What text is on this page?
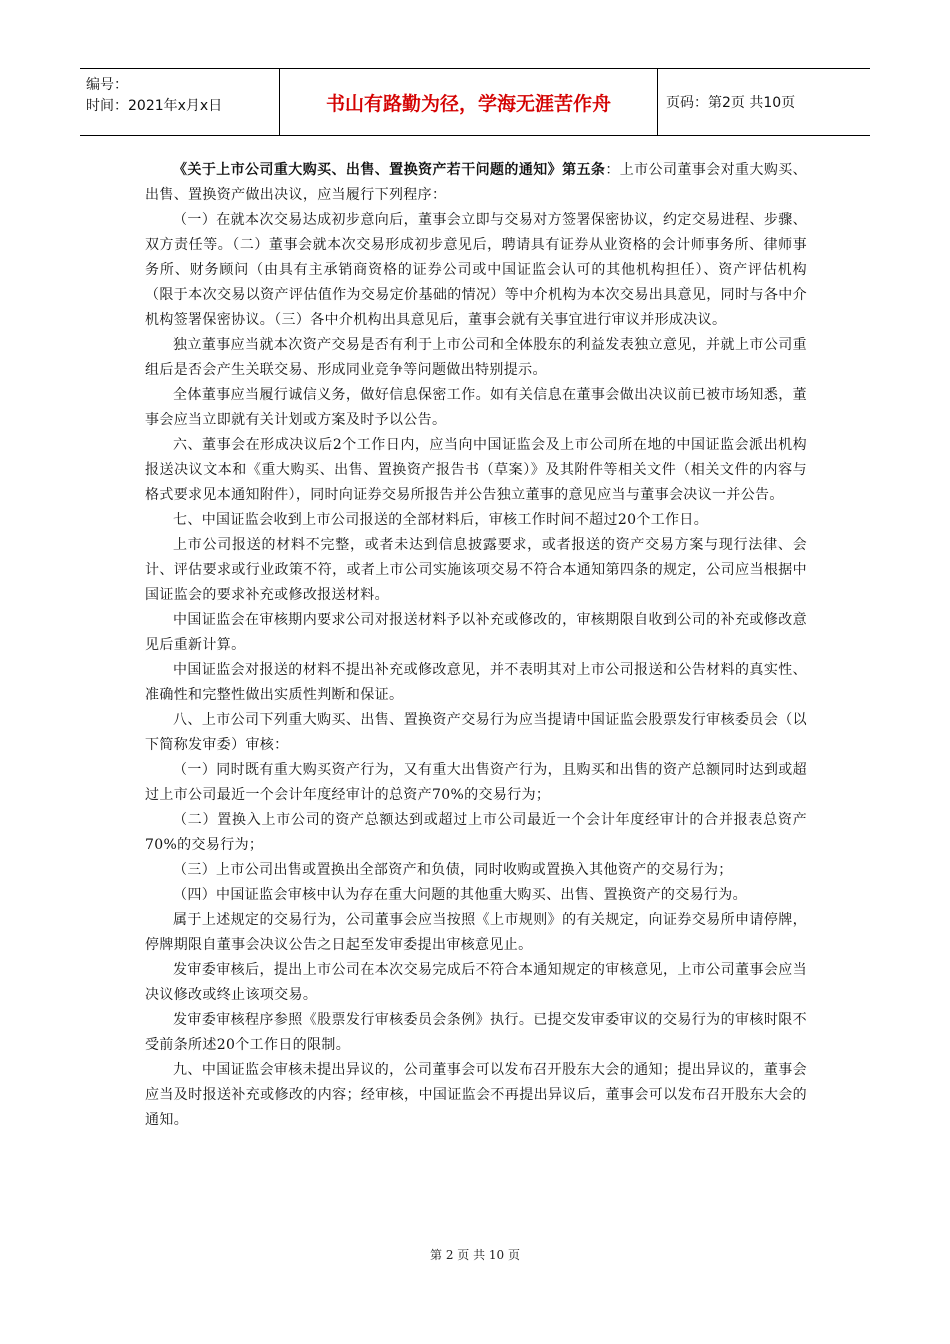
编号：
时间：2021年x月x日	书山有路勤为径，学海无涯苦作舟	页码：第2页 共10页

《关于上市公司重大购买、出售、置换资产若干问题的通知》第五条：上市公司董事会对重大购买、出售、置换资产做出决议，应当履行下列程序：

（一）在就本次交易达成初步意向后，董事会立即与交易对方签署保密协议，约定交易进程、步骤、双方责任等。（二）董事会就本次交易形成初步意见后，聘请具有证券从业资格的会计师事务所、律师事务所、财务顾问（由具有主承销商资格的证券公司或中国证监会认可的其他机构担任）、资产评估机构（限于本次交易以资产评估值作为交易定价基础的情况）等中介机构为本次交易出具意见，同时与各中介机构签署保密协议。（三）各中介机构出具意见后，董事会就有关事宜进行审议并形成决议。

独立董事应当就本次资产交易是否有利于上市公司和全体股东的利益发表独立意见，并就上市公司重组后是否会产生关联交易、形成同业竞争等问题做出特别提示。

全体董事应当履行诚信义务，做好信息保密工作。如有关信息在董事会做出决议前已被市场知悉，董事会应当立即就有关计划或方案及时予以公告。

六、董事会在形成决议后2个工作日内，应当向中国证监会及上市公司所在地的中国证监会派出机构报送决议文本和《重大购买、出售、置换资产报告书（草案）》及其附件等相关文件（相关文件的内容与格式要求见本通知附件），同时向证券交易所报告并公告独立董事的意见应当与董事会决议一并公告。

七、中国证监会收到上市公司报送的全部材料后，审核工作时间不超过20个工作日。

上市公司报送的材料不完整，或者未达到信息披露要求，或者报送的资产交易方案与现行法律、会计、评估要求或行业政策不符，或者上市公司实施该项交易不符合本通知第四条的规定，公司应当根据中国证监会的要求补充或修改报送材料。

中国证监会在审核期内要求公司对报送材料予以补充或修改的，审核期限自收到公司的补充或修改意见后重新计算。

中国证监会对报送的材料不提出补充或修改意见，并不表明其对上市公司报送和公告材料的真实性、准确性和完整性做出实质性判断和保证。

八、上市公司下列重大购买、出售、置换资产交易行为应当提请中国证监会股票发行审核委员会（以下简称发审委）审核：

（一）同时既有重大购买资产行为，又有重大出售资产行为，且购买和出售的资产总额同时达到或超过上市公司最近一个会计年度经审计的总资产70%的交易行为；

（二）置换入上市公司的资产总额达到或超过上市公司最近一个会计年度经审计的合并报表总资产70%的交易行为；

（三）上市公司出售或置换出全部资产和负债，同时收购或置换入其他资产的交易行为；

（四）中国证监会审核中认为存在重大问题的其他重大购买、出售、置换资产的交易行为。

属于上述规定的交易行为，公司董事会应当按照《上市规则》的有关规定，向证券交易所申请停牌，停牌期限自董事会决议公告之日起至发审委提出审核意见止。

发审委审核后，提出上市公司在本次交易完成后不符合本通知规定的审核意见，上市公司董事会应当决议修改或终止该项交易。

发审委审核程序参照《股票发行审核委员会条例》执行。已提交发审委审议的交易行为的审核时限不受前条所述20个工作日的限制。

九、中国证监会审核未提出异议的，公司董事会可以发布召开股东大会的通知；提出异议的，董事会应当及时报送补充或修改的内容；经审核，中国证监会不再提出异议后，董事会可以发布召开股东大会的通知。

第 2 页 共 10 页
